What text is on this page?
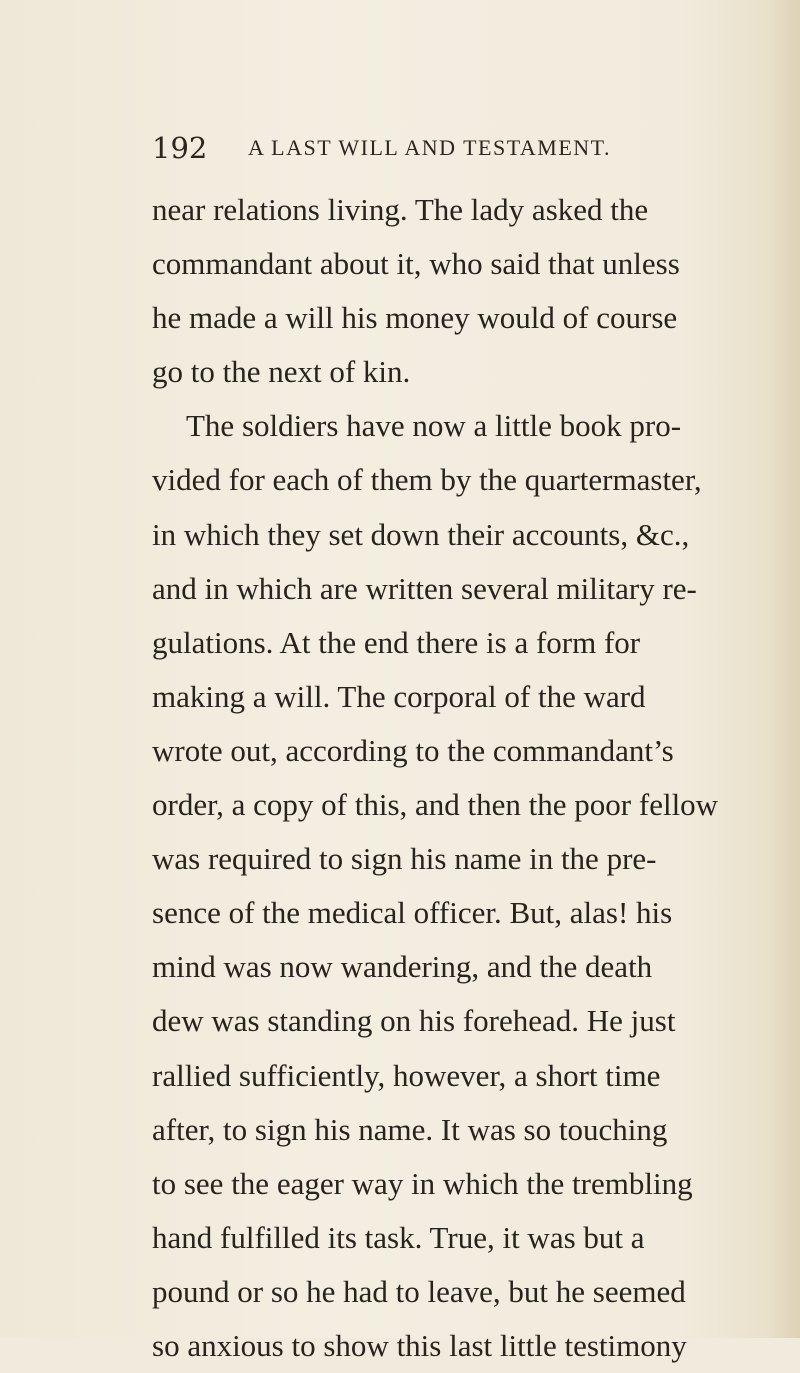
192 A LAST WILL AND TESTAMENT.
near relations living. The lady asked the
commandant about it, who said that unless
he made a will his money would of course
go to the next of kin.
The soldiers have now a little book pro-
vided for each of them by the quartermaster,
in which they set down their accounts, &c.,
and in which are written several military re-
gulations. At the end there is a form for
making a will. The corporal of the ward
wrote out, according to the commandant’s
order, a copy of this, and then the poor fellow
was required to sign his name in the pre-
sence of the medical officer. But, alas! his
mind was now wandering, and the death
dew was standing on his forehead. He just
rallied sufficiently, however, a short time
after, to sign his name. It was so touching
to see the eager way in which the trembling
hand fulfilled its task. True, it was but a
pound or so he had to leave, but he seemed
so anxious to show this last little testimony
